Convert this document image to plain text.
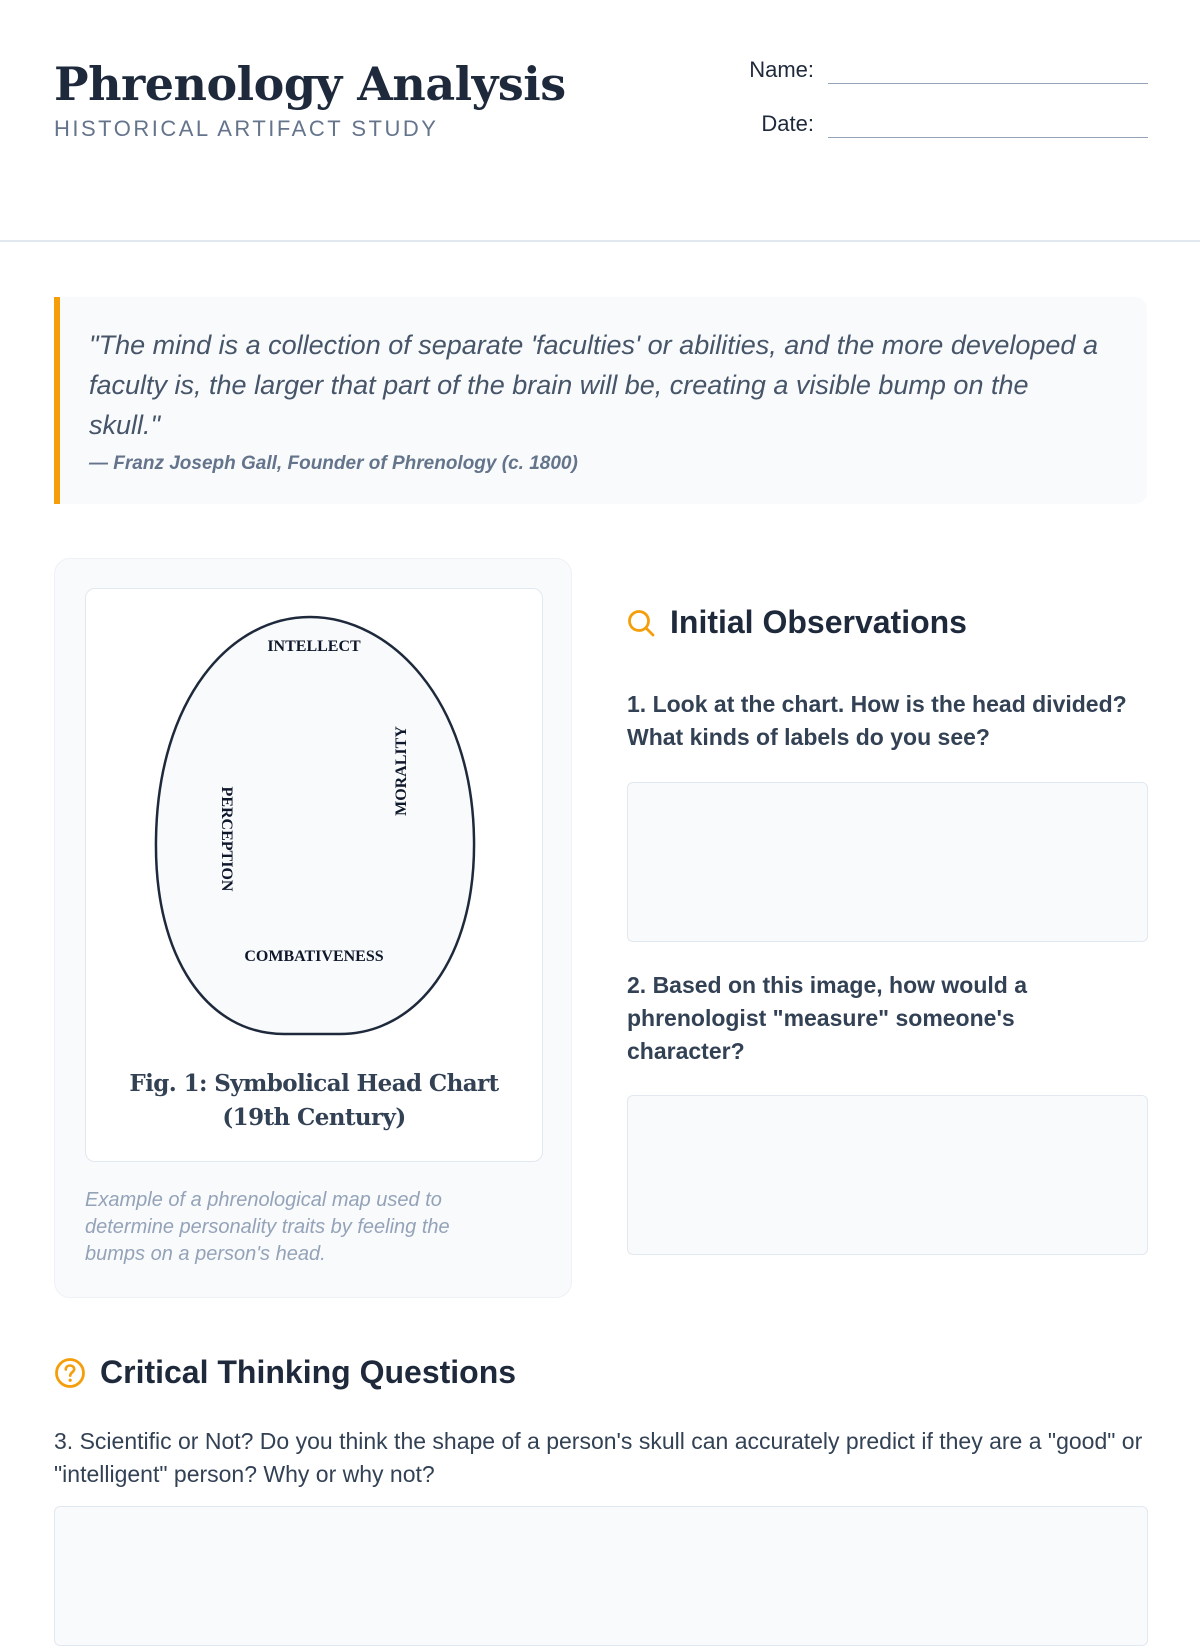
Phrenology Analysis
HISTORICAL ARTIFACT STUDY
Name:
Date:

"The mind is a collection of separate 'faculties' or abilities, and the more developed a faculty is, the larger that part of the brain will be, creating a visible bump on the skull."

— Franz Joseph Gall, Founder of Phrenology (c. 1800)
INTELLECT
MORALITY
PERCEPTION
COMBATIVENESS
Fig. 1: Symbolical Head Chart
(19th Century)
Example of a phrenological map used to determine personality traits by feeling the bumps on a person's head.
Initial Observations

1. Look at the chart. How is the head divided? What kinds of labels do you see?

2. Based on this image, how would a phrenologist "measure" someone's character?

Critical Thinking Questions

3. Scientific or Not? Do you think the shape of a person's skull can accurately predict if they are a "good" or "intelligent" person? Why or why not?
